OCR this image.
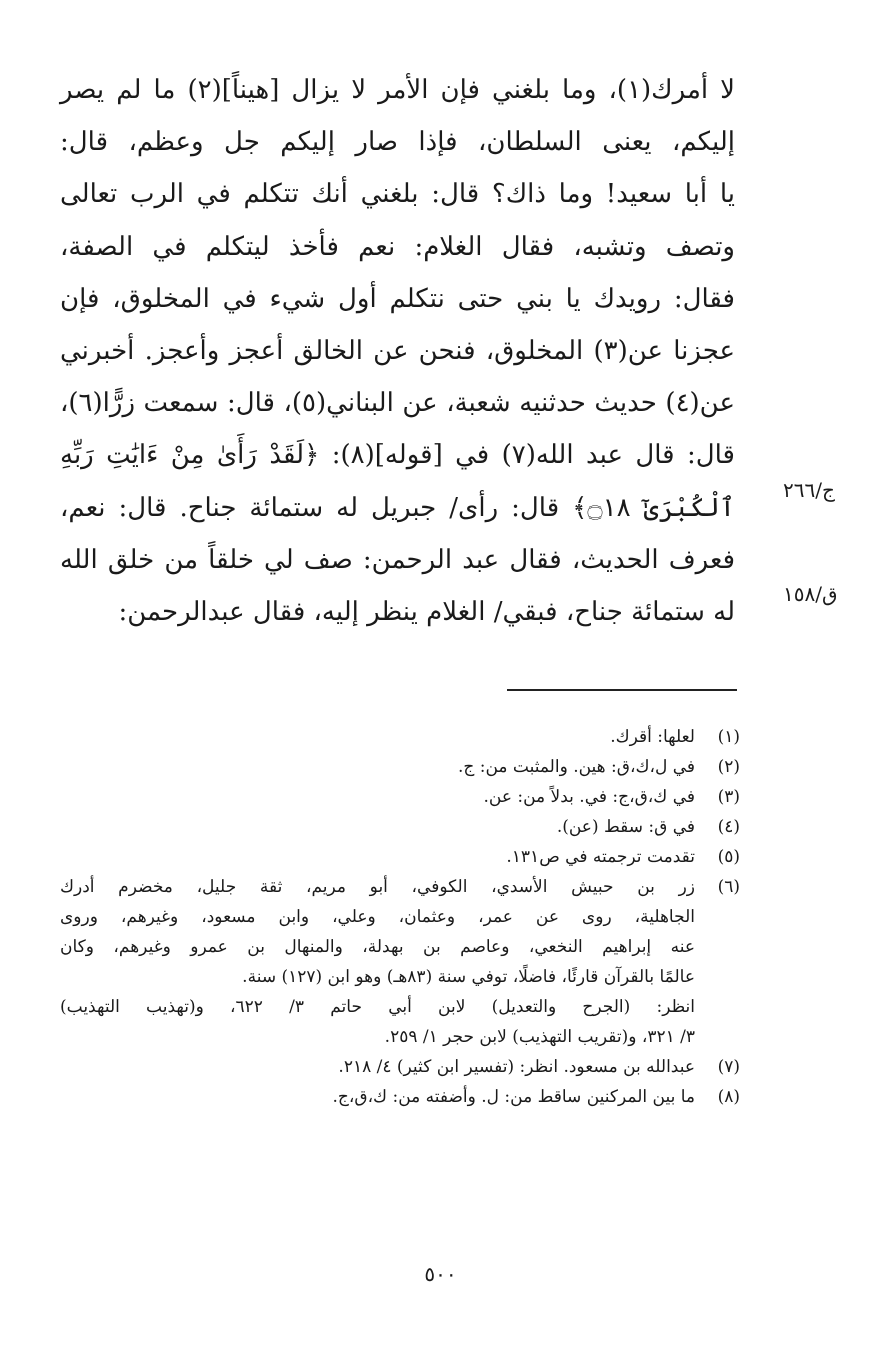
لا أمرك(١)، وما بلغني فإن الأمر لا يزال [هيناً](٢) ما لم يصر
إليكم، يعنى السلطان، فإذا صار إليكم جل وعظم، قال:
يا أبا سعيد! وما ذاك؟ قال: بلغني أنك تتكلم في الرب تعالى
وتصف وتشبه، فقال الغلام: نعم فأخذ ليتكلم في الصفة،
فقال: رويدك يا بني حتى نتكلم أول شيء في المخلوق، فإن
عجزنا عن(٣) المخلوق، فنحن عن الخالق أعجز وأعجز. أخبرني
عن(٤) حديث حدثنيه شعبة، عن البناني(٥)، قال: سمعت زرًّا(٦)،
قال: قال عبد الله(٧) في [قوله](٨): ﴿لَقَدْ رَأَىٰ مِنْ ءَايَٰتِ رَبِّهِ
ٱلْكُبْرَىٰٓ ۝١٨﴾ قال: رأى/ جبريل له ستمائة جناح. قال: نعم،
فعرف الحديث، فقال عبد الرحمن: صف لي خلقاً من خلق الله
له ستمائة جناح، فبقي/ الغلام ينظر إليه، فقال عبدالرحمن:
ج/٢٦٦
ق/١٥٨
(١)
لعلها: أقرك.
(٢)
في ل،ك،ق: هين. والمثبت من: ج.
(٣)
في ك،ق،ج: في. بدلاً من: عن.
(٤)
في ق: سقط (عن).
(٥)
تقدمت ترجمته في ص١٣١.
(٦)
زر بن حبيش الأسدي، الكوفي، أبو مريم، ثقة جليل، مخضرم أدرك
الجاهلية، روى عن عمر، وعثمان، وعلي، وابن مسعود، وغيرهم، وروى
عنه إبراهيم النخعي، وعاصم بن بهدلة، والمنهال بن عمرو وغيرهم، وكان
عالمًا بالقرآن قارئًا، فاضلًا، توفي سنة (٨٣هـ) وهو ابن (١٢٧) سنة.
انظر: (الجرح والتعديل) لابن أبي حاتم ٣/ ٦٢٢، و(تهذيب التهذيب)
٣/ ٣٢١، و(تقريب التهذيب) لابن حجر ١/ ٢٥٩.
(٧)
عبدالله بن مسعود. انظر: (تفسير ابن كثير) ٤/ ٢١٨.
(٨)
ما بين المركنين ساقط من: ل. وأضفته من: ك،ق،ج.
٥٠٠
